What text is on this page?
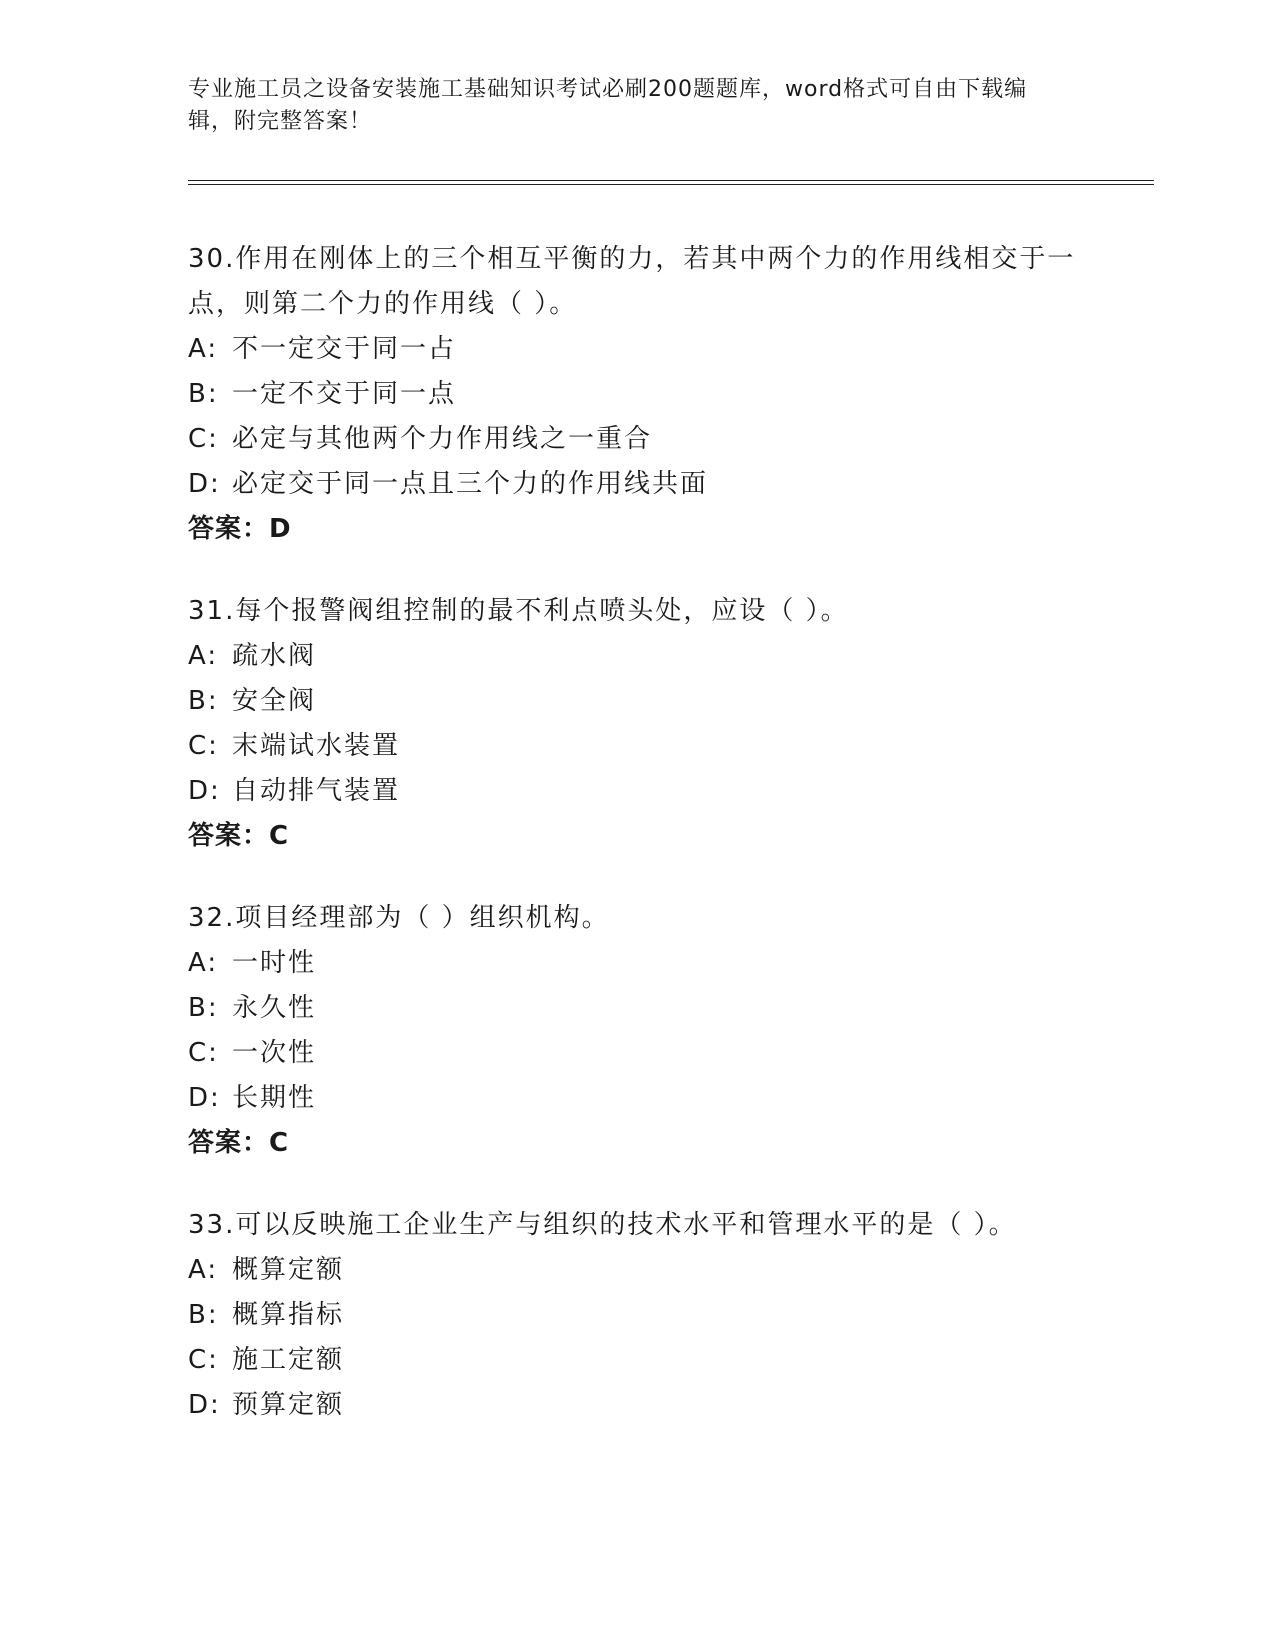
专业施工员之设备安装施工基础知识考试必刷200题题库，word格式可自由下载编辑，附完整答案！
30.作用在刚体上的三个相互平衡的力，若其中两个力的作用线相交于一点，则第二个力的作用线（ ）。
A: 不一定交于同一占
B: 一定不交于同一点
C: 必定与其他两个力作用线之一重合
D: 必定交于同一点且三个力的作用线共面
答案：D
31.每个报警阀组控制的最不利点喷头处，应设（ ）。
A: 疏水阀
B: 安全阀
C: 末端试水装置
D: 自动排气装置
答案：C
32.项目经理部为（ ）组织机构。
A: 一时性
B: 永久性
C: 一次性
D: 长期性
答案：C
33.可以反映施工企业生产与组织的技术水平和管理水平的是（ ）。
A: 概算定额
B: 概算指标
C: 施工定额
D: 预算定额
